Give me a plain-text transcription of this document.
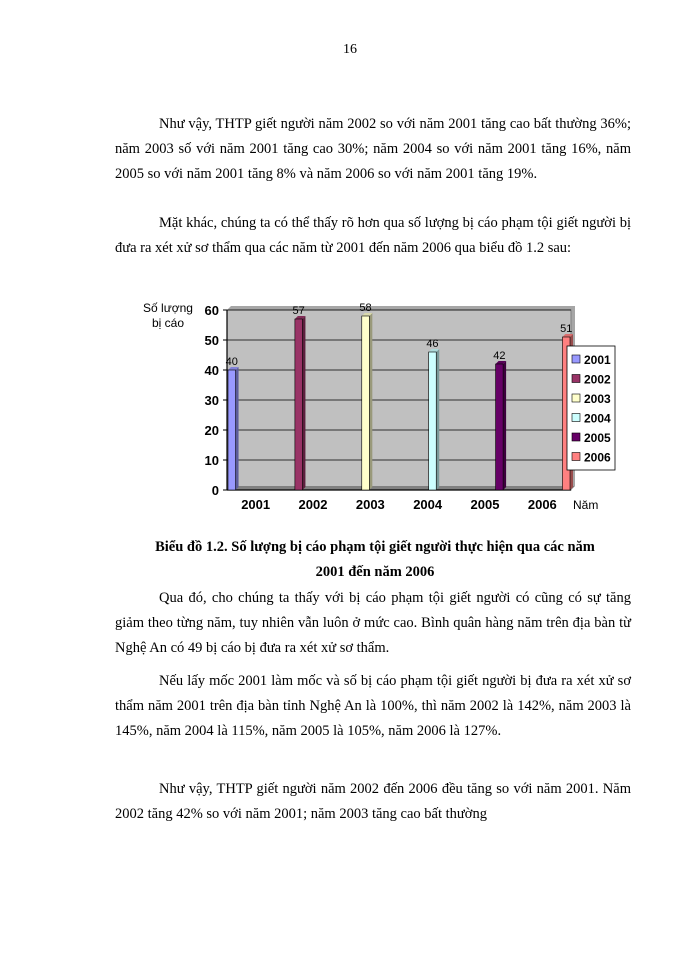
16

Như vậy, THTP giết người năm 2002 so với năm 2001 tăng cao bất thường 36%; năm 2003 số với năm 2001 tăng cao 30%; năm 2004 so với năm 2001 tăng 16%, năm 2005 so với năm 2001 tăng 8% và năm 2006 so với năm 2001 tăng 19%.

Mặt khác, chúng ta có thể thấy rõ hơn qua số lượng bị cáo phạm tội giết người bị đưa ra xét xử sơ thẩm qua các năm từ 2001 đến năm 2006 qua biểu đồ 1.2 sau:

Số lượng
bị cáo
0
10
20
30
40
50
60
40
57	58
46
42
51
2001 2002 2003 2004 2005 2006 Năm
2001
2002
2003
2004
2005
2006
Biểu đồ 1.2. Số lượng bị cáo phạm tội giết người thực hiện qua các năm
2001 đến năm 2006

Qua đó, cho chúng ta thấy với bị cáo phạm tội giết người có cũng có sự tăng giảm theo từng năm, tuy nhiên vẫn luôn ở mức cao. Bình quân hàng năm trên địa bàn từ Nghệ An có 49 bị cáo bị đưa ra xét xử sơ thẩm.

Nếu lấy mốc 2001 làm mốc và số bị cáo phạm tội giết người bị đưa ra xét xử sơ thẩm năm 2001 trên địa bàn tỉnh Nghệ An là 100%, thì năm 2002 là 142%, năm 2003 là 145%, năm 2004 là 115%, năm 2005 là 105%, năm 2006 là 127%.

Như vậy, THTP giết người năm 2002 đến 2006 đều tăng so với năm 2001. Năm 2002 tăng 42% so với năm 2001; năm 2003 tăng cao bất thường
